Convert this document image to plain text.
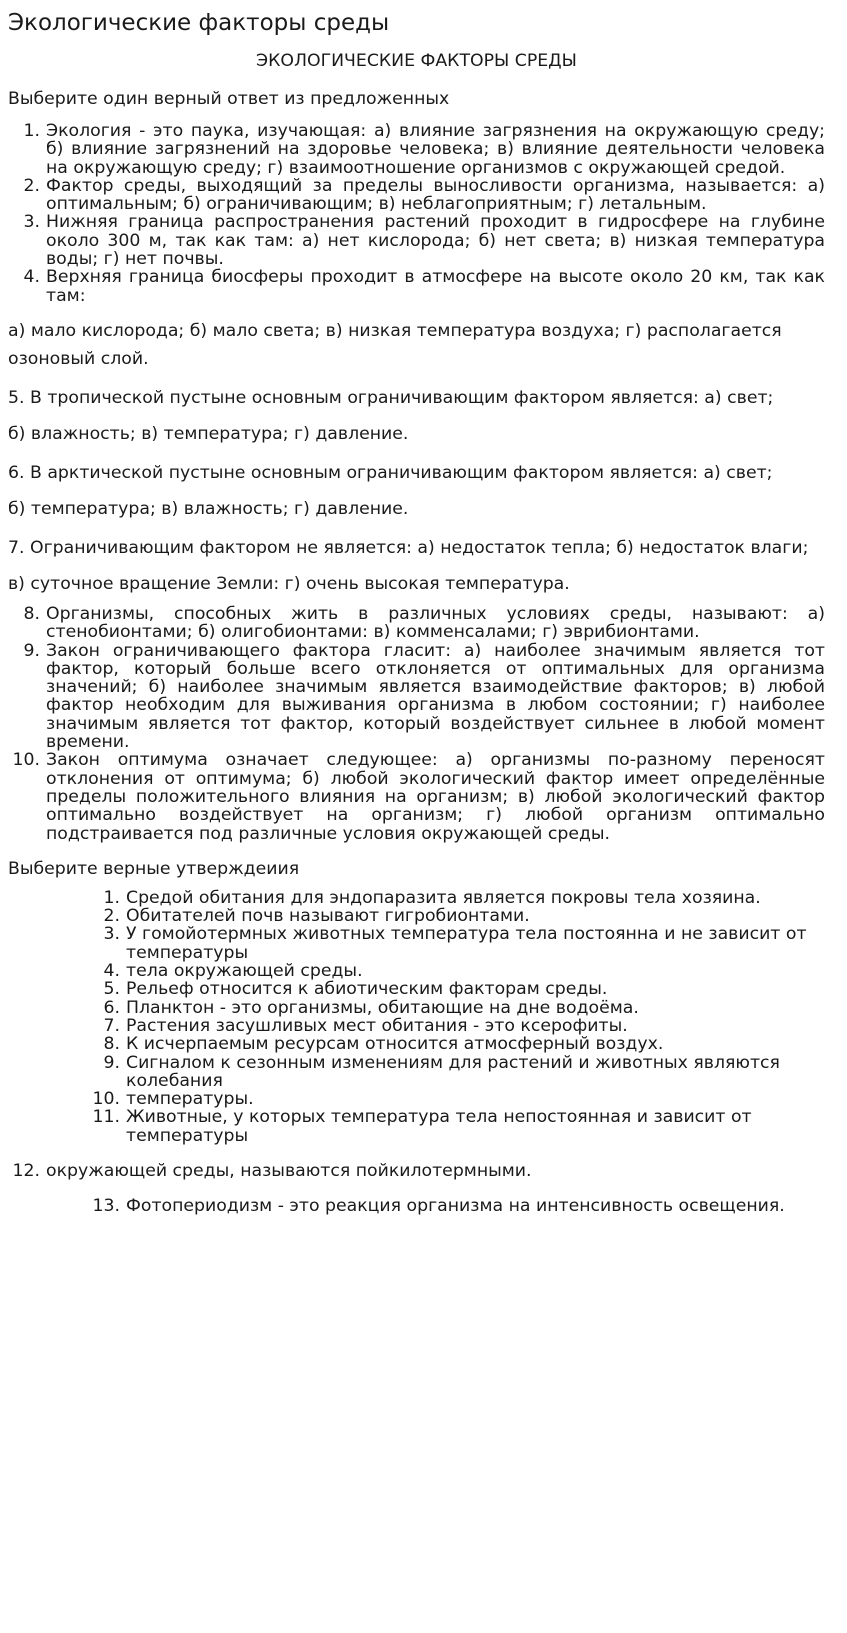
Экологические факторы среды
ЭКОЛОГИЧЕСКИЕ ФАКТОРЫ СРЕДЫ
Выберите один верный ответ из предложенных
1. Экология - это паука, изучающая: а) влияние загрязнения на окружающую среду; б) влияние загрязнений на здоровье человека; в) влияние деятельности человека на окружающую среду; г) взаимоотношение организмов с окружающей средой.
2. Фактор среды, выходящий за пределы выносливости организма, называется: а) оптимальным; б) ограничивающим; в) неблагоприятным; г) летальным.
3. Нижняя граница распространения растений проходит в гидросфере на глубине около 300 м, так как там: а) нет кислорода; б) нет света; в) низкая температура воды; г) нет почвы.
4. Верхняя граница биосферы проходит в атмосфере на высоте около 20 км, так как там:

а) мало кислорода; б) мало света; в) низкая температура воздуха; г) располагается

озоновый слой.

5. В тропической пустыне основным ограничивающим фактором является: а) свет;

б) влажность; в) температура; г) давление.

6. В арктической пустыне основным ограничивающим фактором является: а) свет;

б) температура; в) влажность; г) давление.

7. Ограничивающим фактором не является: а) недостаток тепла; б) недостаток влаги;

в) суточное вращение Земли: г) очень высокая температура.

8. Организмы, способных жить в различных условиях среды, называют: а) стенобионтами; б) олигобионтами: в) комменсалами; г) эврибионтами.
9. Закон ограничивающего фактора гласит: а) наиболее значимым является тот фактор, который больше всего отклоняется от оптимальных для организма значений; б) наиболее значимым является взаимодействие факторов; в) любой фактор необходим для выживания организма в любом состоянии; г) наиболее значимым является тот фактор, который воздействует сильнее в любой момент времени.
10. Закон оптимума означает следующее: а) организмы по-разному переносят отклонения от оптимума; б) любой экологический фактор имеет определённые пределы положительного влияния на организм; в) любой экологический фактор оптимально воздействует на организм; г) любой организм оптимально подстраивается под различные условия окружающей среды.
Выберите верные утверждеиия
1. Средой обитания для эндопаразита является покровы тела хозяина.
2. Обитателей почв называют гигробионтами.
3. У гомойотермных животных температура тела постоянна и не зависит от температуры
4. тела окружающей среды.
5. Рельеф относится к абиотическим факторам среды.
6. Планктон - это организмы, обитающие на дне водоёма.
7. Растения засушливых мест обитания - это ксерофиты.
8. К исчерпаемым ресурсам относится атмосферный воздух.
9. Сигналом к сезонным изменениям для растений и животных являются колебания
10. температуры.
11. Животные, у которых температура тела непостоянная и зависит от температуры
12. окружающей среды, называются пойкилотермными.
13. Фотопериодизм - это реакция организма на интенсивность освещения.
